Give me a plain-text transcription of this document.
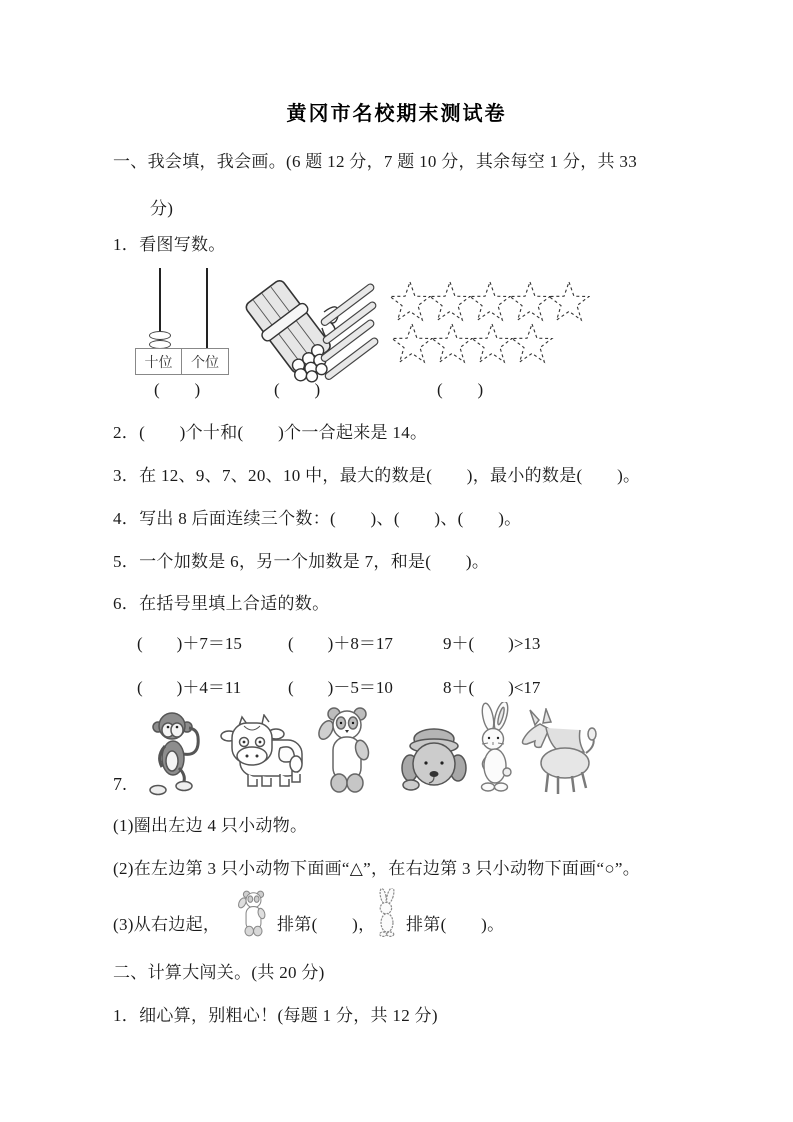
黄冈市名校期末测试卷
一、我会填，我会画。(6 题 12 分，7 题 10 分，其余每空 1 分，共 33
分)
1．看图写数。
十位	个位
(　　)	(　　)	(　　)
2．(　　)个十和(　　)个一合起来是 14。
3．在 12、9、7、20、10 中，最大的数是(　　)，最小的数是(　　)。
4．写出 8 后面连续三个数：(　　)、(　　)、(　　)。
5．一个加数是 6，另一个加数是 7，和是(　　)。
6．在括号里填上合适的数。
(　　)＋7＝15	(　　)＋8＝17	9＋(　　)>13
(　　)＋4＝11	(　　)－5＝10	8＋(　　)<17
7.
(1)圈出左边 4 只小动物。
(2)在左边第 3 只小动物下面画“△”，在右边第 3 只小动物下面画“○”。
(3)从右边起，	排第(　　)， 排第(　　)。
二、计算大闯关。(共 20 分)
1．细心算，别粗心！(每题 1 分，共 12 分)
